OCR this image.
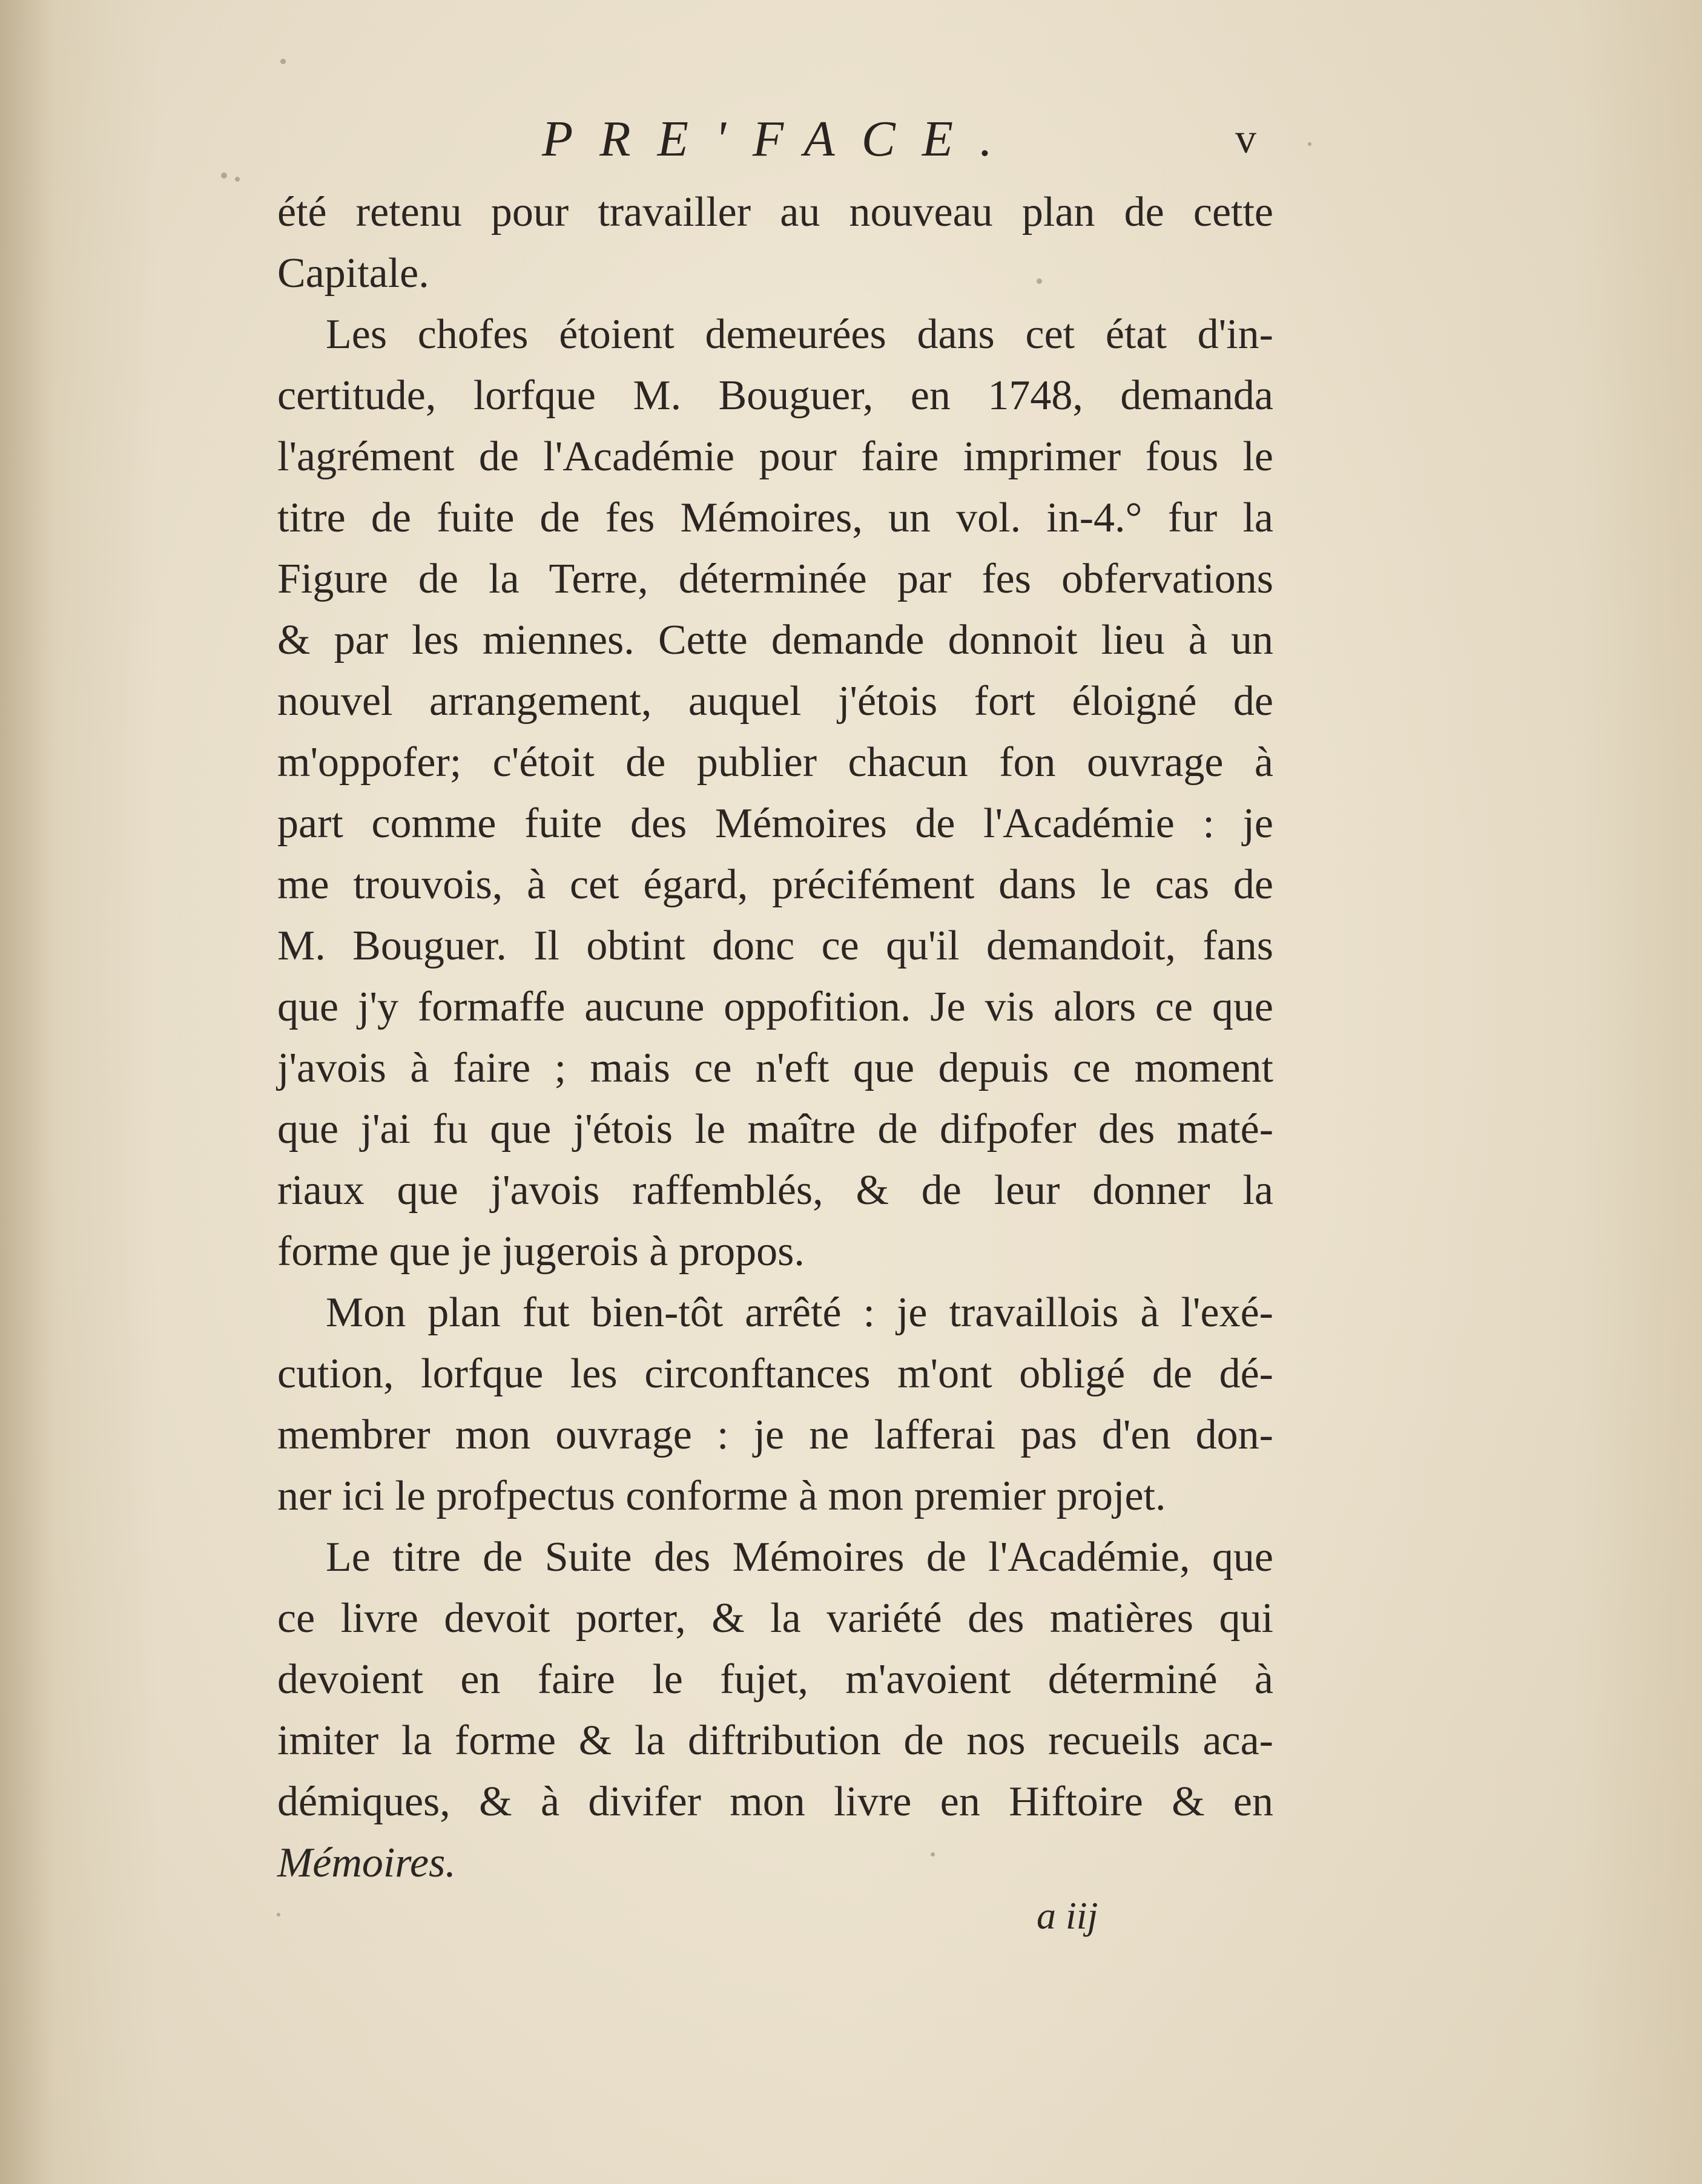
PRE'FACE.	v
été retenu pour travailler au nouveau plan de cette
Capitale.
Les chofes étoient demeurées dans cet état d'in-
certitude, lorfque M. Bouguer, en 1748, demanda
l'agrément de l'Académie pour faire imprimer fous le
titre de fuite de fes Mémoires, un vol. in-4.° fur la
Figure de la Terre, déterminée par fes obfervations
& par les miennes. Cette demande donnoit lieu à un
nouvel arrangement, auquel j'étois fort éloigné de
m'oppofer; c'étoit de publier chacun fon ouvrage à
part comme fuite des Mémoires de l'Académie : je
me trouvois, à cet égard, précifément dans le cas de
M. Bouguer. Il obtint donc ce qu'il demandoit, fans
que j'y formaffe aucune oppofition. Je vis alors ce que
j'avois à faire ; mais ce n'eft que depuis ce moment
que j'ai fu que j'étois le maître de difpofer des maté-
riaux que j'avois raffemblés, & de leur donner la
forme que je jugerois à propos.
Mon plan fut bien-tôt arrêté : je travaillois à l'exé-
cution, lorfque les circonftances m'ont obligé de dé-
membrer mon ouvrage : je ne lafferai pas d'en don-
ner ici le profpectus conforme à mon premier projet.
Le titre de Suite des Mémoires de l'Académie, que
ce livre devoit porter, & la variété des matières qui
devoient en faire le fujet, m'avoient déterminé à
imiter la forme & la diftribution de nos recueils aca-
démiques, & à divifer mon livre en Hiftoire & en
Mémoires.
a iij
